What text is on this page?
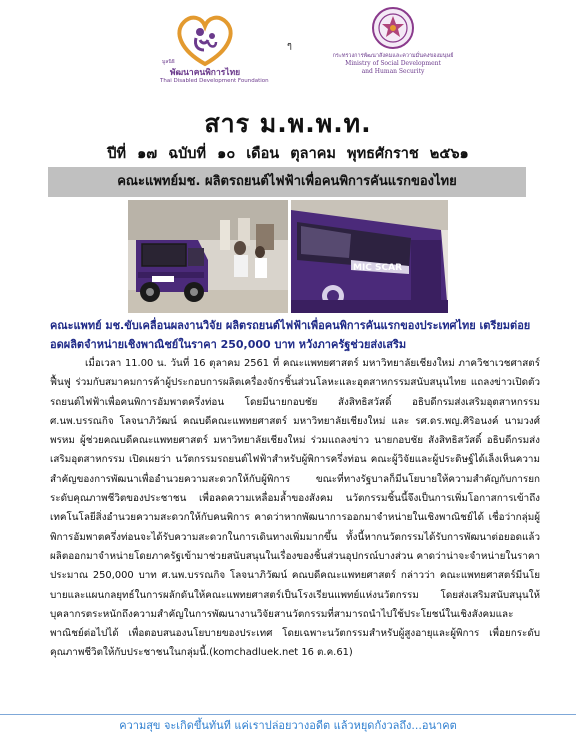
มูลนิธิ
พัฒนาคนพิการไทย
Thai Disabled Development Foundation
ๆ
กระทรวงการพัฒนาสังคมและความมั่นคงของมนุษย์
Ministry of Social Development
and Human Security
สาร ม.พ.พ.ท.
ปีที่ ๑๗ ฉบับที่ ๑๐ เดือน ตุลาคม พุทธศักราช ๒๕๖๑
คณะแพทย์มช. ผลิตรถยนต์ไฟฟ้าเพื่อคนพิการคันแรกของไทย
MIC SCAR
คณะแพทย์ มช.ขับเคลื่อนผลงานวิจัย ผลิตรถยนต์ไฟฟ้าเพื่อคนพิการคันแรกของประเทศไทย เตรียมต่อยอดผลิตจำหน่ายเชิงพาณิชย์ในราคา 250,000 บาท หวังภาครัฐช่วยส่งเสริม
เมื่อเวลา 11.00 น. วันที่ 16 ตุลาคม 2561 ที่ คณะแพทยศาสตร์ มหาวิทยาลัยเชียงใหม่ ภาควิชาเวชศาสตร์ฟื้นฟู ร่วมกับสมาคมการค้าผู้ประกอบการผลิตเครื่องจักรชิ้นส่วนโลหะและอุตสาหกรรมสนับสนุนไทย แถลงข่าวเปิดตัวรถยนต์ไฟฟ้าเพื่อคนพิการอัมพาตครึ่งท่อน โดยมีนายกอบชัย สังสิทธิสวัสดิ์ อธิบดีกรมส่งเสริมอุตสาหกรรม ศ.นพ.บรรณกิจ โลจนาภิวัฒน์ คณบดีคณะแพทยศาสตร์ มหาวิทยาลัยเชียงใหม่ และ รศ.ดร.พญ.ศิริอนงค์ นามวงศ์พรหม ผู้ช่วยคณบดีคณะแพทยศาสตร์ มหาวิทยาลัยเชียงใหม่ ร่วมแถลงข่าว นายกอบชัย สังสิทธิสวัสดิ์ อธิบดีกรมส่งเสริมอุตสาหกรรม เปิดเผยว่า นวัตกรรมรถยนต์ไฟฟ้าสำหรับผู้พิการครึ่งท่อน คณะผู้วิจัยและผู้ประดิษฐ์ได้เล็งเห็นความสำคัญของการพัฒนาเพื่ออำนวยความสะดวกให้กับผู้พิการ ขณะที่ทางรัฐบาลก็มีนโยบายให้ความสำคัญกับการยกระดับคุณภาพชีวิตของประชาชน เพื่อลดความเหลื่อมล้ำของสังคม นวัตกรรมชิ้นนี้จึงเป็นการเพิ่มโอกาสการเข้าถึงเทคโนโลยีสิ่งอำนวยความสะดวกให้กับคนพิการ คาดว่าหากพัฒนาการออกมาจำหน่ายในเชิงพาณิชย์ได้ เชื่อว่ากลุ่มผู้พิการอัมพาตครึ่งท่อนจะได้รับความสะดวกในการเดินทางเพิ่มมากขึ้น ทั้งนี้หากนวัตกรรมได้รับการพัฒนาต่อยอดแล้วผลิตออกมาจำหน่ายโดยภาครัฐเข้ามาช่วยสนับสนุนในเรื่องของชิ้นส่วนอุปกรณ์บางส่วน คาดว่าน่าจะจำหน่ายในราคาประมาณ 250,000 บาท ศ.นพ.บรรณกิจ โลจนาภิวัฒน์ คณบดีคณะแพทยศาสตร์ กล่าวว่า คณะแพทยศาสตร์มีนโยบายและแผนกลยุทธ์ในการผลักดันให้คณะแพทยศาสตร์เป็นโรงเรียนแพทย์แห่งนวัตกรรม โดยส่งเสริมสนับสนุนให้บุคลากรตระหนักถึงความสำคัญในการพัฒนางานวิจัยสานวัตกรรมที่สามารถนำไปใช้ประโยชน์ในเชิงสังคมและพาณิชย์ต่อไปได้ เพื่อตอบสนองนโยบายของประเทศ โดยเฉพาะนวัตกรรมสำหรับผู้สูงอายุและผู้พิการ เพื่อยกระดับคุณภาพชีวิตให้กับประชาชนในกลุ่มนี้.(komchadluek.net 16 ต.ค.61)
ความสุข จะเกิดขึ้นทันที แค่เราปล่อยวางอดีต แล้วหยุดกังวลถึง...อนาคต
